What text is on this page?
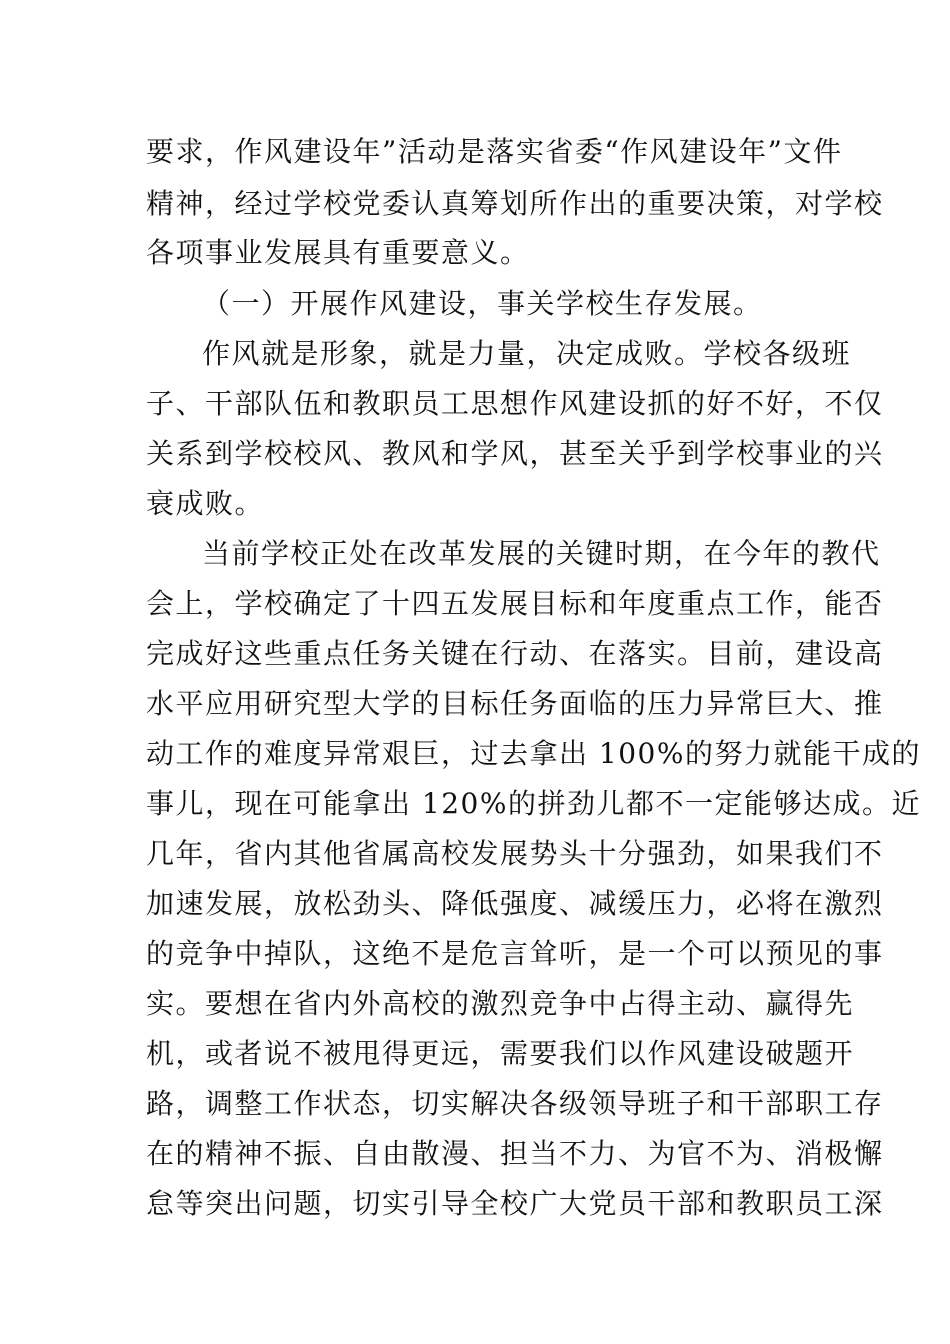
要求，作风建设年”活动是落实省委“作风建设年”文件
精神，经过学校党委认真筹划所作出的重要决策，对学校
各项事业发展具有重要意义。
（一）开展作风建设，事关学校生存发展。
作风就是形象，就是力量，决定成败。学校各级班
子、干部队伍和教职员工思想作风建设抓的好不好，不仅
关系到学校校风、教风和学风，甚至关乎到学校事业的兴
衰成败。
当前学校正处在改革发展的关键时期，在今年的教代
会上，学校确定了十四五发展目标和年度重点工作，能否
完成好这些重点任务关键在行动、在落实。目前，建设高
水平应用研究型大学的目标任务面临的压力异常巨大、推
动工作的难度异常艰巨，过去拿出 100%的努力就能干成的
事儿，现在可能拿出 120%的拼劲儿都不一定能够达成。近
几年，省内其他省属高校发展势头十分强劲，如果我们不
加速发展，放松劲头、降低强度、减缓压力，必将在激烈
的竞争中掉队，这绝不是危言耸听，是一个可以预见的事
实。要想在省内外高校的激烈竞争中占得主动、赢得先
机，或者说不被甩得更远，需要我们以作风建设破题开
路，调整工作状态，切实解决各级领导班子和干部职工存
在的精神不振、自由散漫、担当不力、为官不为、消极懈
怠等突出问题，切实引导全校广大党员干部和教职员工深
